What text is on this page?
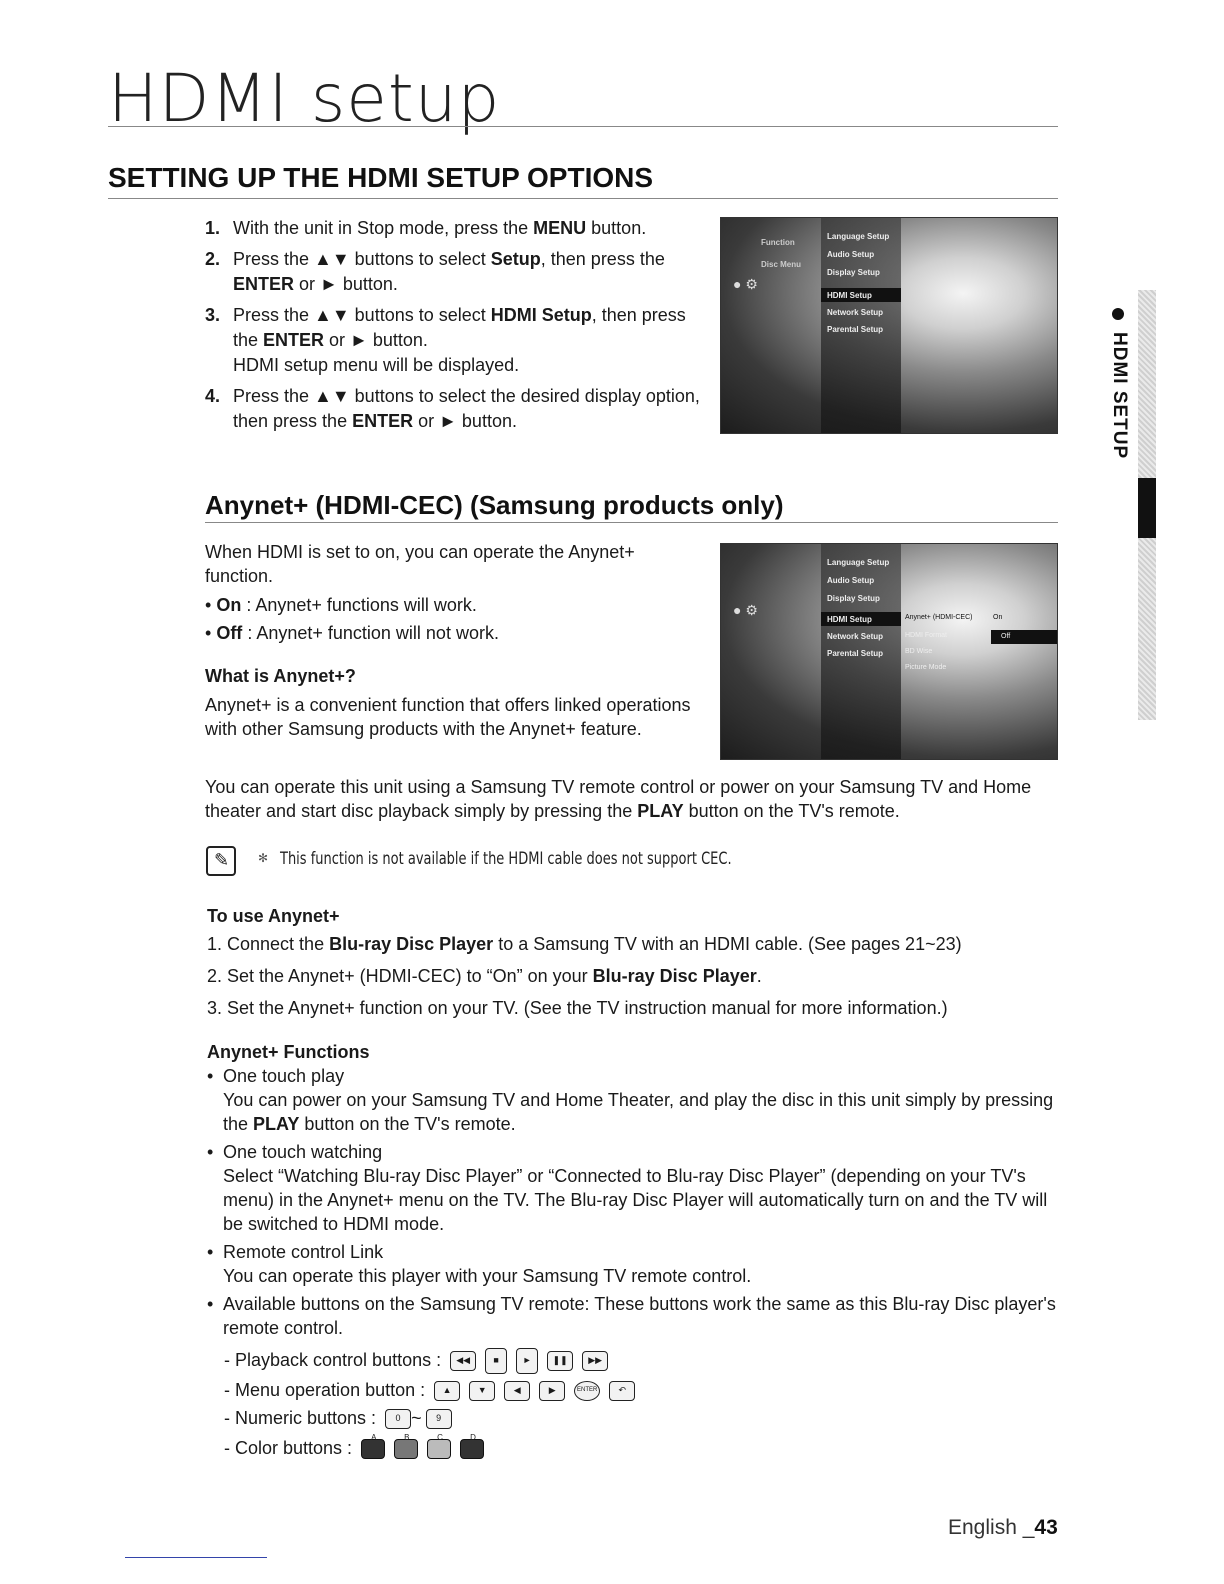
HDMI setup
SETTING UP THE HDMI SETUP OPTIONS
1. With the unit in Stop mode, press the MENU button.
2. Press the ▲▼ buttons to select Setup, then press the ENTER or ► button.
3. Press the ▲▼ buttons to select HDMI Setup, then press the ENTER or ► button.
HDMI setup menu will be displayed.
4. Press the ▲▼ buttons to select the desired display option, then press the ENTER or ► button.
Function
Disc Menu
● ⚙
Language Setup
Audio Setup
Display Setup
HDMI Setup
Network Setup
Parental Setup
● ⚙
Language Setup
Audio Setup
Display Setup
HDMI Setup
Network Setup
Parental Setup
Anynet+ (HDMI-CEC)
HDMI Format
BD Wise
Picture Mode
On
Off
HDMI SETUP
Anynet+ (HDMI-CEC) (Samsung products only)
When HDMI is set to on, you can operate the Anynet+ function.
• On : Anynet+ functions will work.
• Off : Anynet+ function will not work.
What is Anynet+?
Anynet+ is a convenient function that offers linked operations with other Samsung products with the Anynet+ feature.
You can operate this unit using a Samsung TV remote control or power on your Samsung TV and Home theater and start disc playback simply by pressing the PLAY button on the TV's remote.
✎ ✻ This function is not available if the HDMI cable does not support CEC.
To use Anynet+
1. Connect the Blu-ray Disc Player to a Samsung TV with an HDMI cable. (See pages 21~23)
2. Set the Anynet+ (HDMI-CEC) to “On” on your Blu-ray Disc Player.
3. Set the Anynet+ function on your TV. (See the TV instruction manual for more information.)
Anynet+ Functions
• One touch play
You can power on your Samsung TV and Home Theater, and play the disc in this unit simply by pressing the PLAY button on the TV's remote.
• One touch watching
Select “Watching Blu-ray Disc Player” or “Connected to Blu-ray Disc Player” (depending on your TV's menu) in the Anynet+ menu on the TV. The Blu-ray Disc Player will automatically turn on and the TV will be switched to HDMI mode.
• Remote control Link
You can operate this player with your Samsung TV remote control.
• Available buttons on the Samsung TV remote: These buttons work the same as this Blu-ray Disc player's remote control.
- Playback control buttons : ◀◀	■	► ❚❚ ▶▶
- Menu operation button : ▲	▼	◀	▶	ENTER ↶
- Numeric buttons : 0 ~ 9
- Color buttons :
A
	B
	C
	D
English _43
